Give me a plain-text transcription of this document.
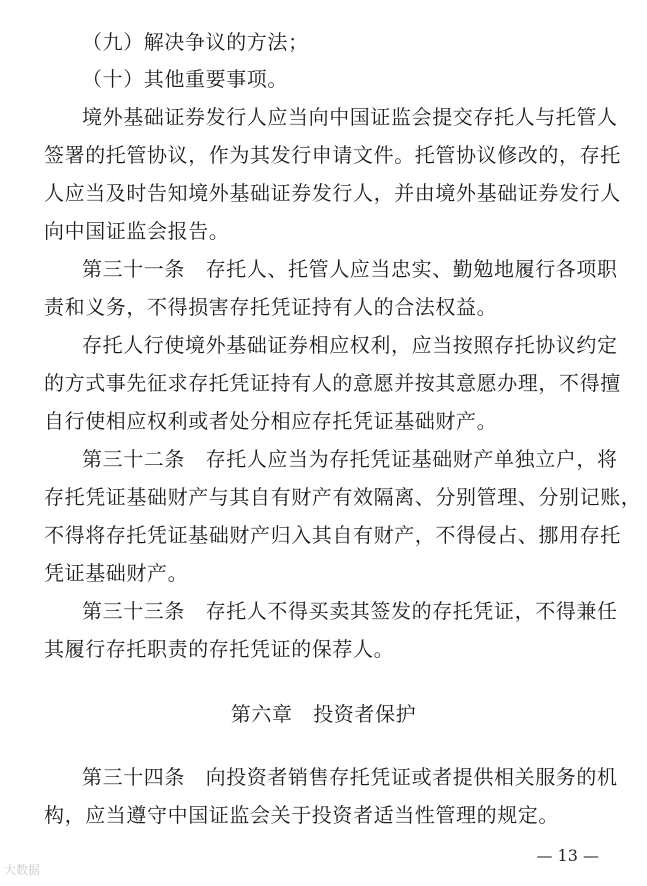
（九）解决争议的方法；
（十）其他重要事项。
境外基础证券发行人应当向中国证监会提交存托人与托管人
签署的托管协议，作为其发行申请文件。托管协议修改的，存托
人应当及时告知境外基础证券发行人，并由境外基础证券发行人
向中国证监会报告。
第三十一条　存托人、托管人应当忠实、勤勉地履行各项职
责和义务，不得损害存托凭证持有人的合法权益。
存托人行使境外基础证券相应权利，应当按照存托协议约定
的方式事先征求存托凭证持有人的意愿并按其意愿办理，不得擅
自行使相应权利或者处分相应存托凭证基础财产。
第三十二条　存托人应当为存托凭证基础财产单独立户，将
存托凭证基础财产与其自有财产有效隔离、分别管理、分别记账，
不得将存托凭证基础财产归入其自有财产，不得侵占、挪用存托
凭证基础财产。
第三十三条　存托人不得买卖其签发的存托凭证，不得兼任
其履行存托职责的存托凭证的保荐人。
第六章　投资者保护
第三十四条　向投资者销售存托凭证或者提供相关服务的机
构，应当遵守中国证监会关于投资者适当性管理的规定。
— 13 —
大数据
